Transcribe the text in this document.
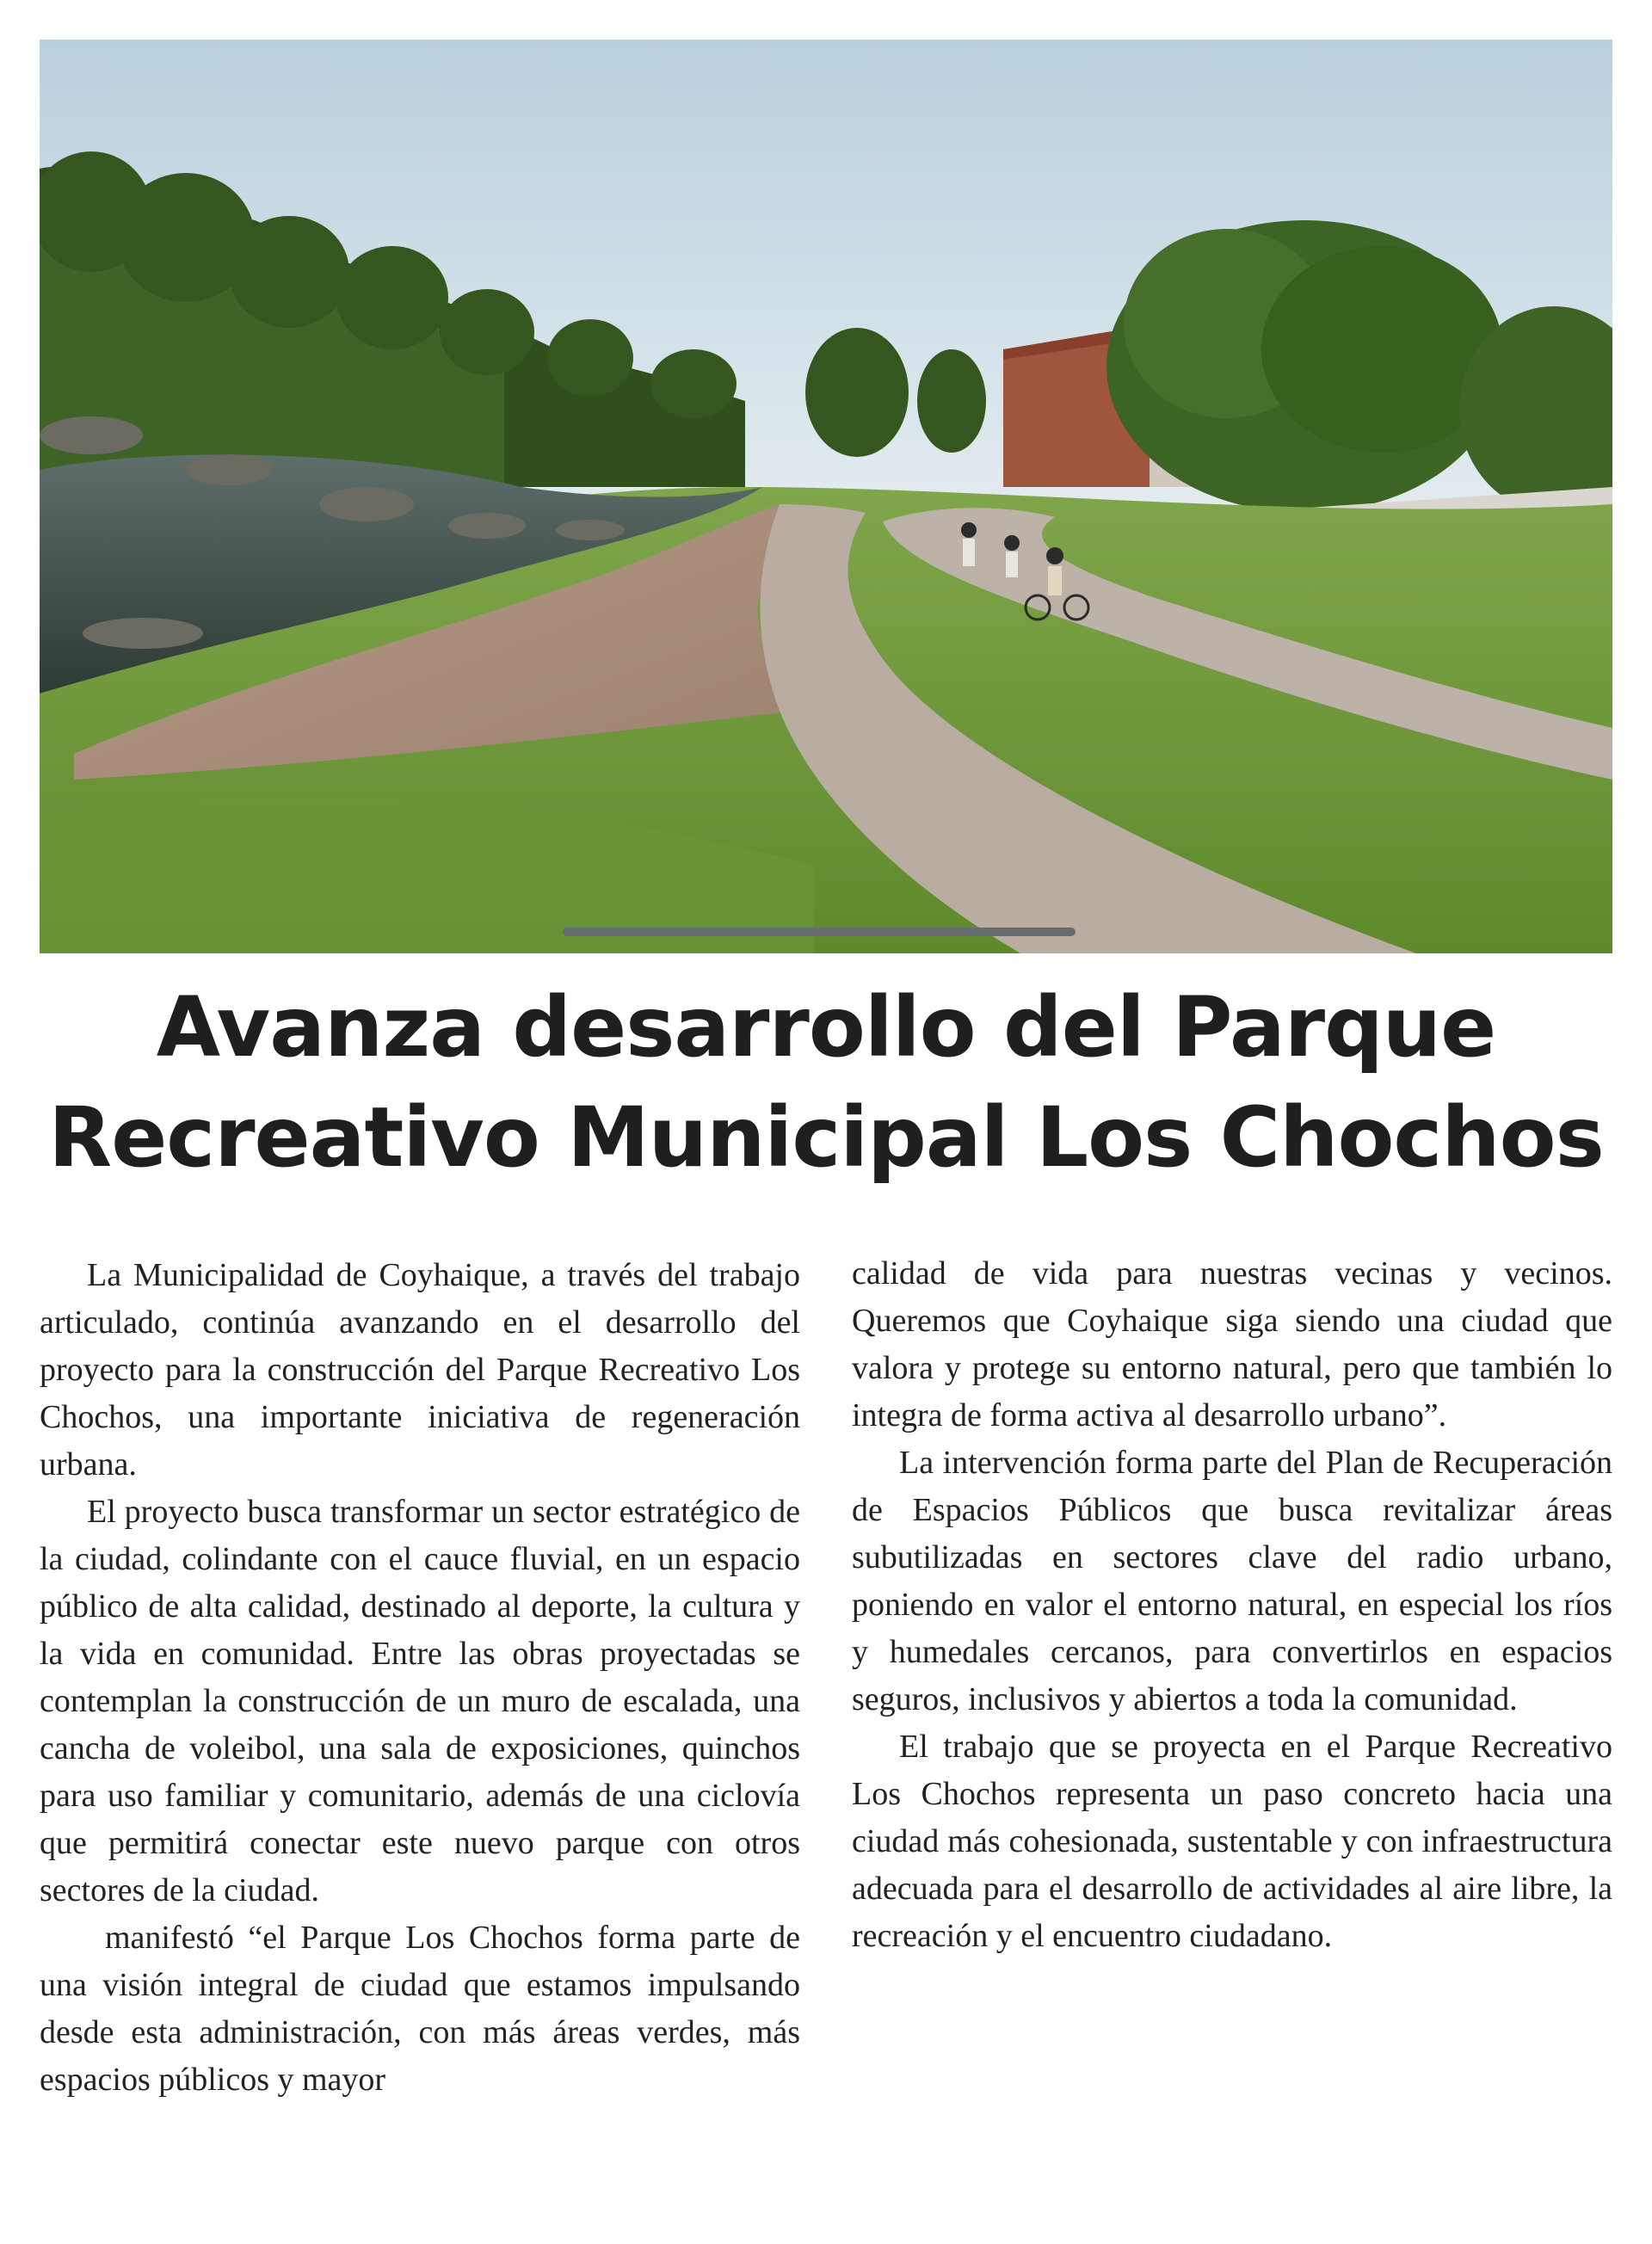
Avanza desarrollo del Parque
Recreativo Municipal Los Chochos

La Municipalidad de Coyhaique, a través del trabajo articulado, continúa avanzando en el desarrollo del proyecto para la construcción del Parque Recreativo Los Chochos, una importante iniciativa de regeneración urbana.

El proyecto busca transformar un sector estratégico de la ciudad, colindante con el cauce fluvial, en un espacio público de alta calidad, destinado al deporte, la cultura y la vida en comunidad. Entre las obras proyectadas se contemplan la construcción de un muro de escalada, una cancha de voleibol, una sala de exposiciones, quinchos para uso familiar y comunitario, además de una ciclovía que permitirá conectar este nuevo parque con otros sectores de la ciudad.

manifestó “el Parque Los Chochos forma parte de una visión integral de ciudad que estamos impulsando desde esta administración, con más áreas verdes, más espacios públicos y mayor

calidad de vida para nuestras vecinas y vecinos. Queremos que Coyhaique siga siendo una ciudad que valora y protege su entorno natural, pero que también lo integra de forma activa al desarrollo urbano”.

La intervención forma parte del Plan de Recuperación de Espacios Públicos que busca revitalizar áreas subutilizadas en sectores clave del radio urbano, poniendo en valor el entorno natural, en especial los ríos y humedales cercanos, para convertirlos en espacios seguros, inclusivos y abiertos a toda la comunidad.

El trabajo que se proyecta en el Parque Recreativo Los Chochos representa un paso concreto hacia una ciudad más cohesionada, sustentable y con infraestructura adecuada para el desarrollo de actividades al aire libre, la recreación y el encuentro ciudadano.
